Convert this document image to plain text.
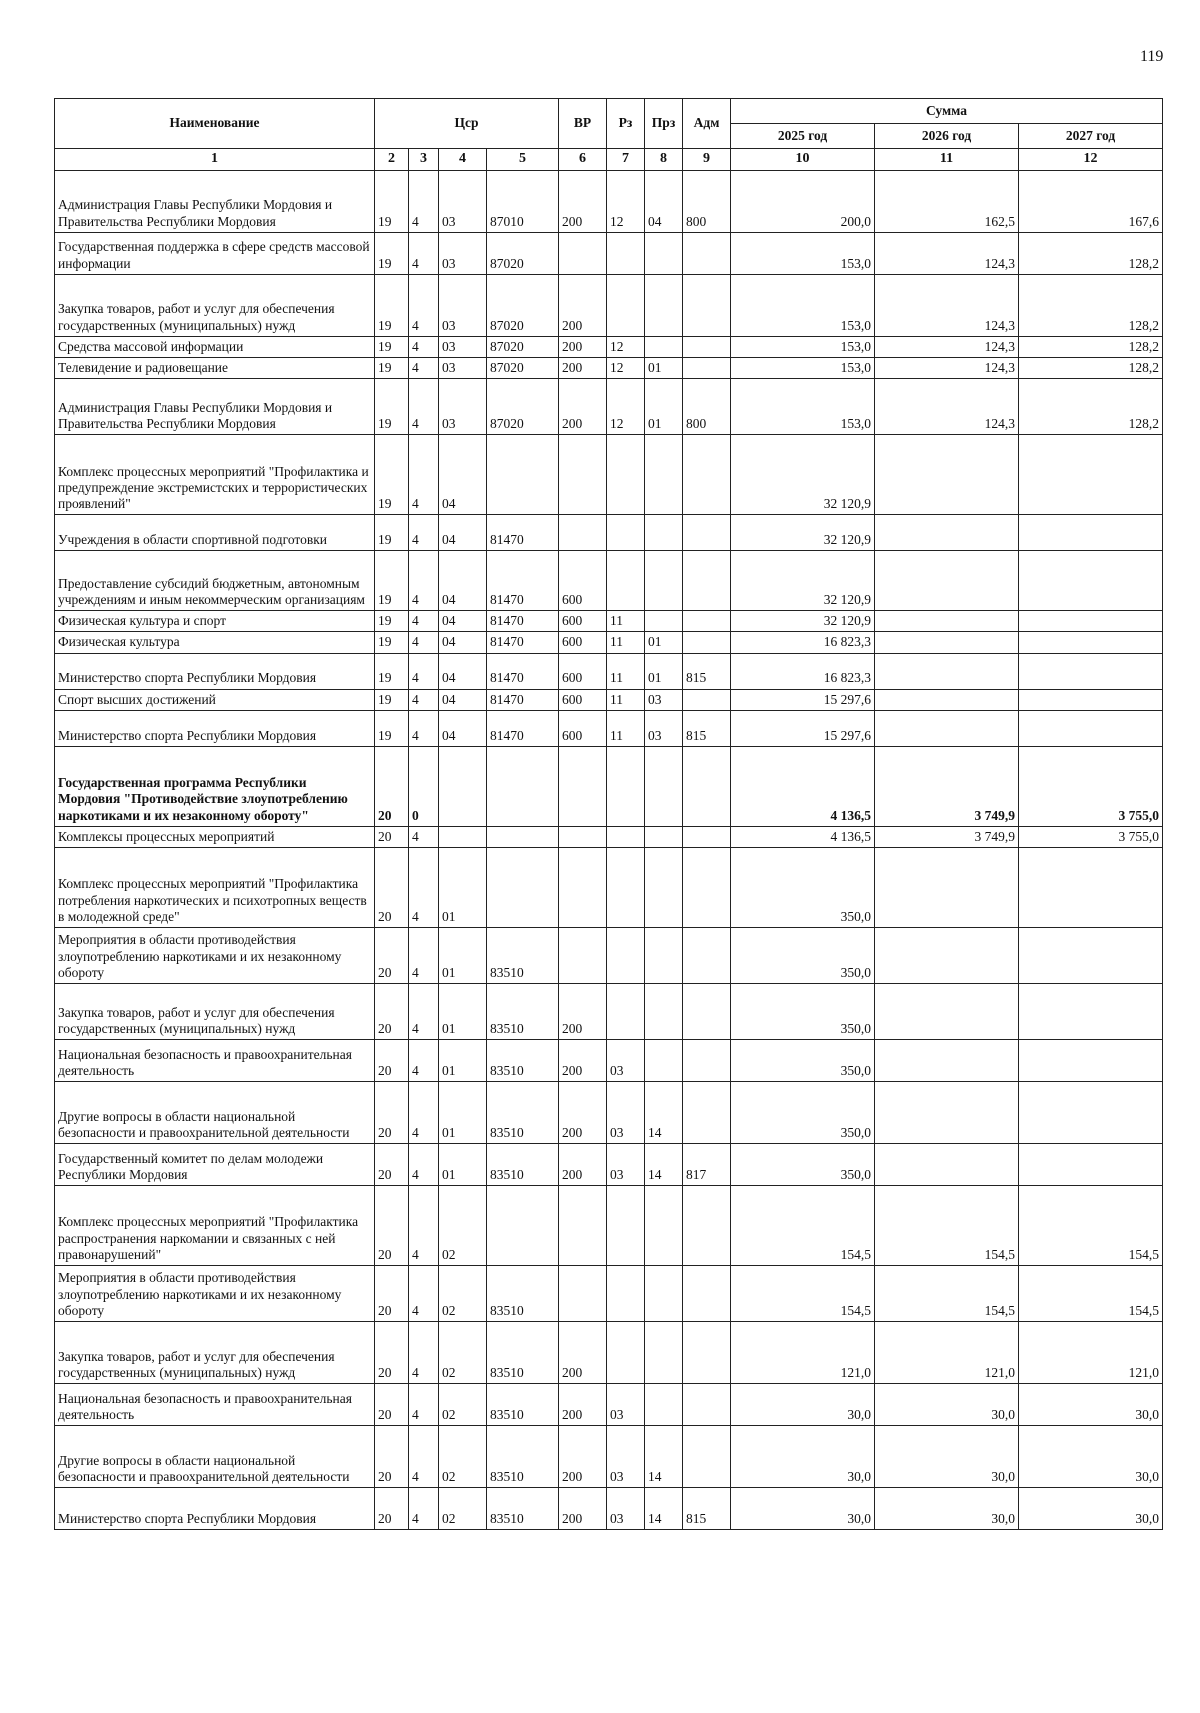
119
Наименование	Цср				ВР	Рз	Прз	Адм	Сумма		
									2025 год	2026 год	2027 год
1	2	3	4	5	6	7	8	9	10	11	12
Администрация Главы Республики Мордовия и Правительства Республики Мордовия	19	4	03	87010	200	12	04	800	200,0	162,5	167,6
Государственная поддержка в сфере средств массовой информации	19	4	03	87020					153,0	124,3	128,2
Закупка товаров, работ и услуг для обеспечения государственных (муниципальных) нужд	19	4	03	87020	200				153,0	124,3	128,2
Средства массовой информации	19	4	03	87020	200	12			153,0	124,3	128,2
Телевидение и радиовещание	19	4	03	87020	200	12	01		153,0	124,3	128,2
Администрация Главы Республики Мордовия и Правительства Республики Мордовия	19	4	03	87020	200	12	01	800	153,0	124,3	128,2
Комплекс процессных мероприятий "Профилактика и предупреждение экстремистских и террористических проявлений"	19	4	04						32 120,9		
Учреждения в области спортивной подготовки	19	4	04	81470					32 120,9		
Предоставление субсидий бюджетным, автономным учреждениям и иным некоммерческим организациям	19	4	04	81470	600				32 120,9		
Физическая культура и спорт	19	4	04	81470	600	11			32 120,9		
Физическая культура	19	4	04	81470	600	11	01		16 823,3		
Министерство спорта Республики Мордовия	19	4	04	81470	600	11	01	815	16 823,3		
Спорт высших достижений	19	4	04	81470	600	11	03		15 297,6		
Министерство спорта Республики Мордовия	19	4	04	81470	600	11	03	815	15 297,6		
Государственная программа Республики Мордовия "Противодействие злоупотреблению наркотиками и их незаконному обороту"	20	0							4 136,5	3 749,9	3 755,0
Комплексы процессных мероприятий	20	4							4 136,5	3 749,9	3 755,0
Комплекс процессных мероприятий "Профилактика потребления наркотических и психотропных веществ в молодежной среде"	20	4	01						350,0		
Мероприятия в области противодействия злоупотреблению наркотиками и их незаконному обороту	20	4	01	83510					350,0		
Закупка товаров, работ и услуг для обеспечения государственных (муниципальных) нужд	20	4	01	83510	200				350,0		
Национальная безопасность и правоохранительная деятельность	20	4	01	83510	200	03			350,0		
Другие вопросы в области национальной безопасности и правоохранительной деятельности	20	4	01	83510	200	03	14		350,0		
Государственный комитет по делам молодежи Республики Мордовия	20	4	01	83510	200	03	14	817	350,0		
Комплекс процессных мероприятий "Профилактика распространения наркомании и связанных с ней правонарушений"	20	4	02						154,5	154,5	154,5
Мероприятия в области противодействия злоупотреблению наркотиками и их незаконному обороту	20	4	02	83510					154,5	154,5	154,5
Закупка товаров, работ и услуг для обеспечения государственных (муниципальных) нужд	20	4	02	83510	200				121,0	121,0	121,0
Национальная безопасность и правоохранительная деятельность	20	4	02	83510	200	03			30,0	30,0	30,0
Другие вопросы в области национальной безопасности и правоохранительной деятельности	20	4	02	83510	200	03	14		30,0	30,0	30,0
Министерство спорта Республики Мордовия	20	4	02	83510	200	03	14	815	30,0	30,0	30,0
